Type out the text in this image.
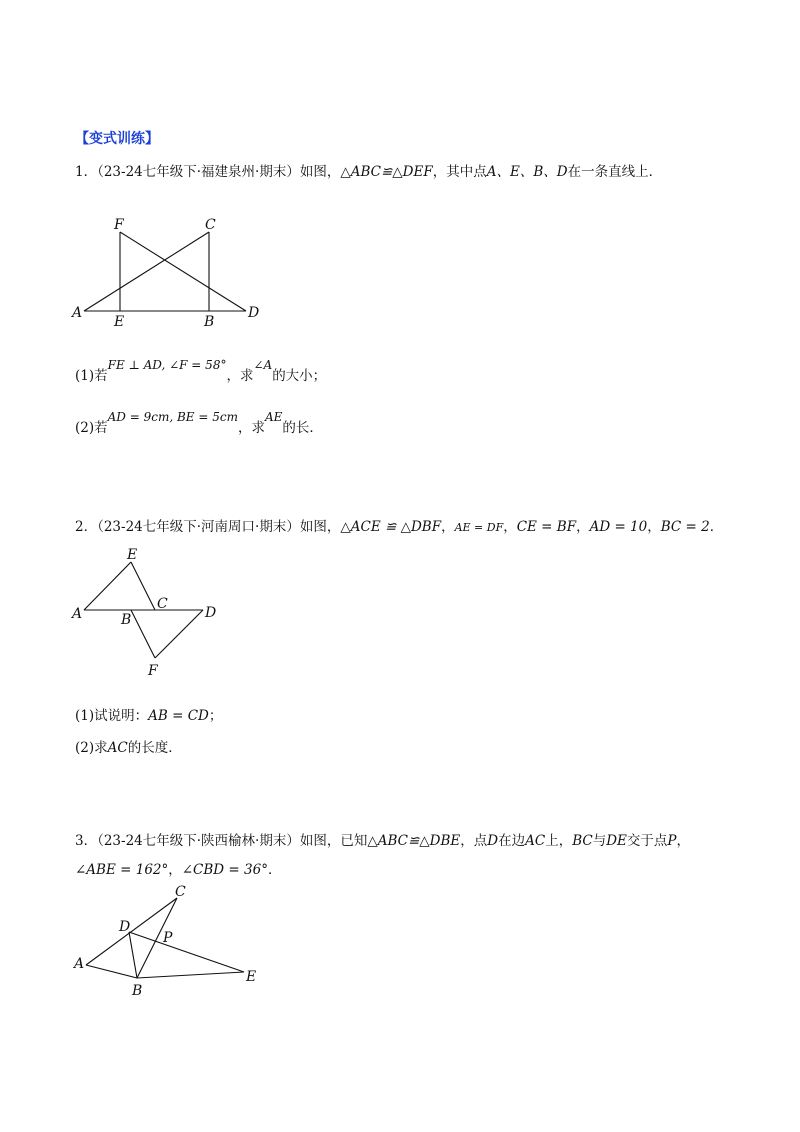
【变式训练】
1．（23-24七年级下·福建泉州·期末）如图，△ABC≌△DEF，其中点A、E、B、D在一条直线上．
F	C
A
E	B
D
(1)若FE ⊥ AD, ∠F = 58°，求∠A的大小；
(2)若AD = 9cm, BE = 5cm，求AE的长．
2．（23-24七年级下·河南周口·期末）如图，△ACE ≌ △DBF，AE = DF，CE = BF，AD = 10，BC = 2．
E
A
C
B	D
F
(1)试说明：AB = CD；
(2)求AC的长度．
3．（23-24七年级下·陕西榆林·期末）如图，已知△ABC≌△DBE，点D在边AC上，BC与DE交于点P，
∠ABE = 162°，∠CBD = 36°．
C
D
P
A
E
B
